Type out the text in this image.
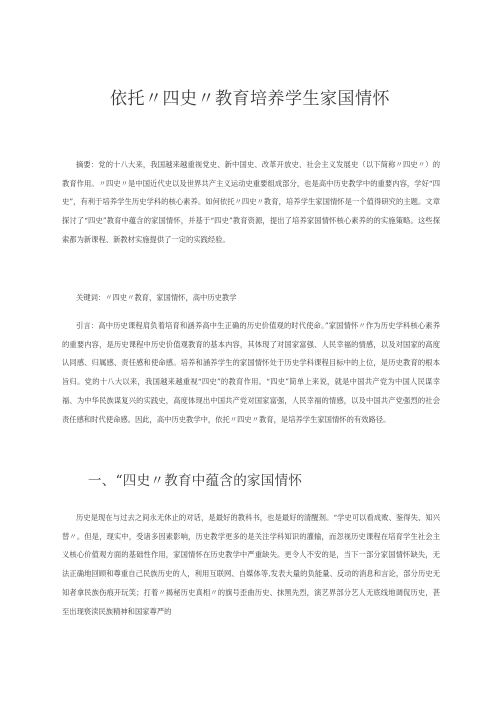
依托〃四史〃教育培养学生家国情怀

摘要：党的十八大来，我国越来越重视党史、新中国史、改革开放史、社会主义发展史（以下简称〃四史〃）的教育作用。〃四史〃是中国近代史以及世界共产主义运动史重要组成部分，也是高中历史教学中的重要内容，学好“四史”，有利于培养学生历史学科的核心素养。如何依托〃四史〃教育，培养学生家国情怀是一个值得研究的主题。文章探讨了“四史”教育中蕴含的家国情怀，并基于“四史”教育资源，提出了培养家国情怀核心素养的的实施策略。这些探索都为新课程、新教材实施提供了一定的实践经验。

关键词：〃四史〃教育，家国情怀，高中历史教学

引言：高中历史课程肩负着培育和涵养高中生正确的历史价值观的时代使命。”家国情怀〃作为历史学科核心素养的重要内容，是历史课程中历史价值观教育的基本内容，其体现了对国家富强、人民幸福的情感，以及对国家的高度认同感、归属感、责任感和使命感。培养和涵养学生的家国情怀处于历史学科课程目标中的上位，是历史教育的根本旨归。党的十八大以来，我国越来越重视“四史”的教育作用。“四史”简单上来说，就是中国共产党为中国人民谋幸福、为中华民族谋复兴的实践史，高度体现出中国共产党对国家富强，人民幸福的情感，以及中国共产党强烈的社会责任感和时代使命感。因此，高中历史教学中，依托〃四史〃教育，是培养学生家国情怀的有效路径。

一、“四史〃教育中蕴含的家国情怀

历史是现在与过去之间永无休止的对话，是最好的教科书，也是最好的清醒剂。“学史可以看成败、鉴得失、知兴替〃。但是，现实中，受诸多因素影响，历史教学更多的是关注学科知识的灌输，而忽视历史课程在培育学生社会主义核心价值观方面的基础性作用，家国情怀在历史教学中严重缺失。更令人不安的是，当下一部分家国情怀缺失，无法正确地回顾和尊重自己民族历史的人，利用互联网、自媒体等,发表大量的负能量、反动的消息和言论，部分历史无知者拿民族伤痕开玩笑；打着〃揭秘历史真相〃的旗号歪曲历史、抹黑先烈，演艺界部分艺人无底线地调侃历史，甚至出现亵渎民族精神和国家尊严的
